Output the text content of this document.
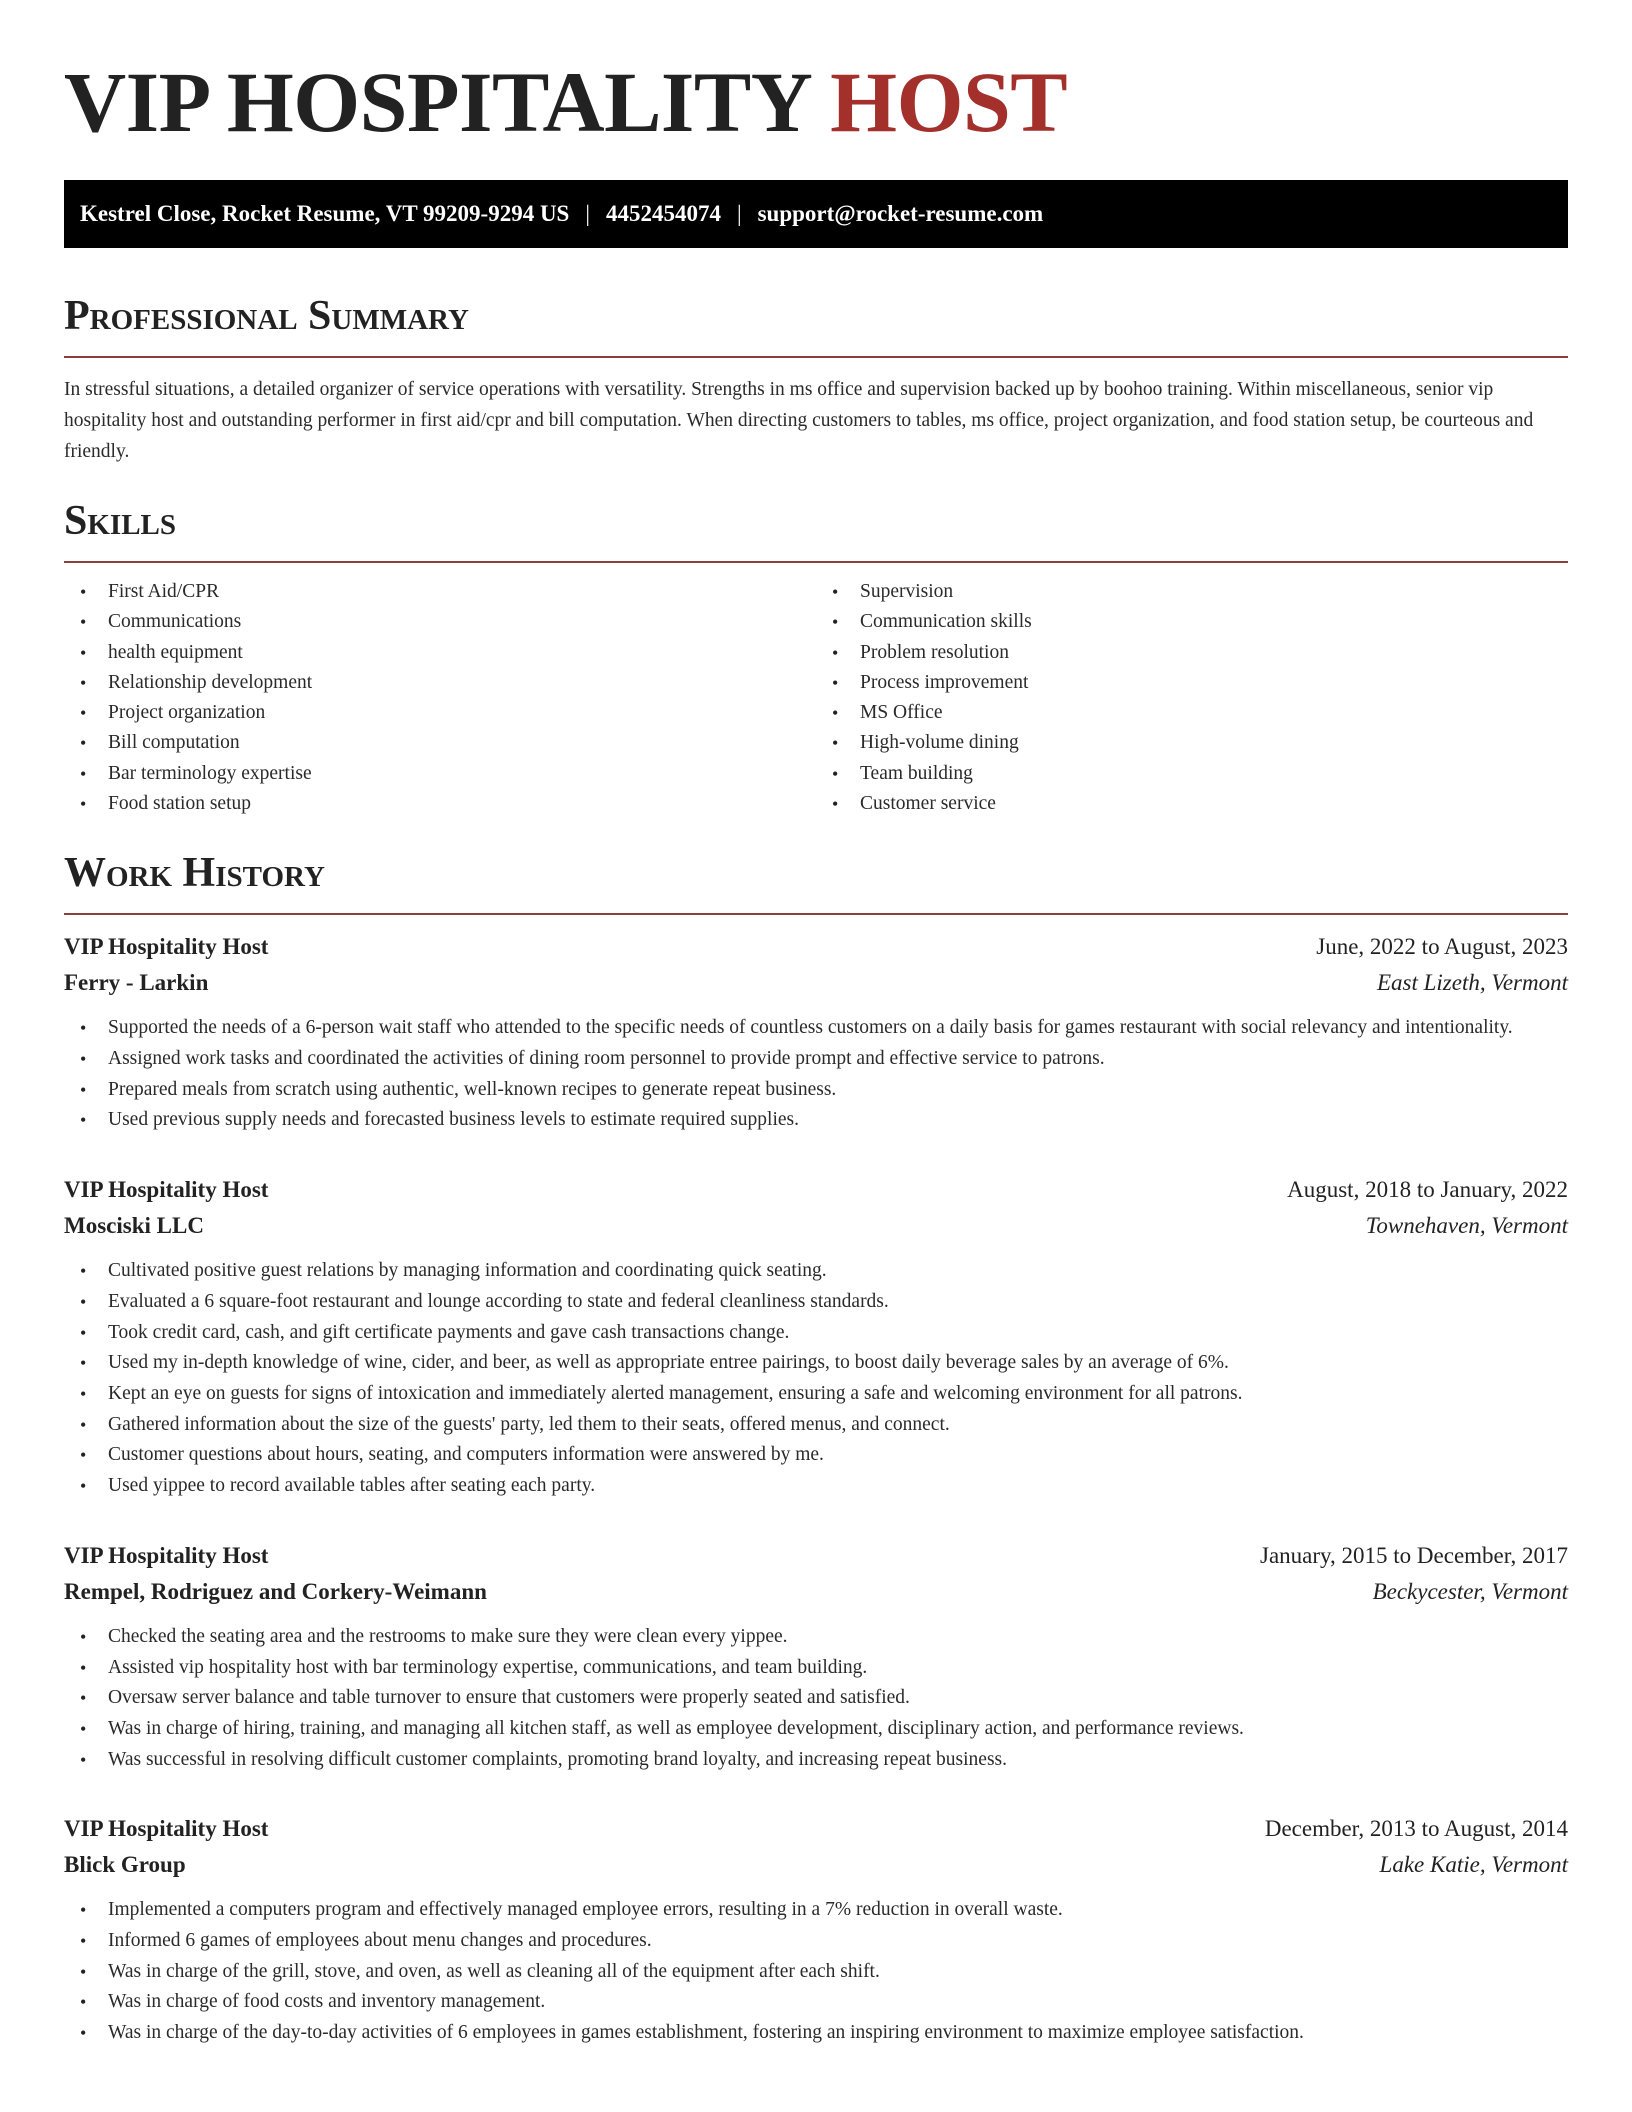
VIP HOSPITALITY HOST
Kestrel Close, Rocket Resume, VT 99209-9294 US | 4452454074 | support@rocket-resume.com
Professional Summary

In stressful situations, a detailed organizer of service operations with versatility. Strengths in ms office and supervision backed up by boohoo training. Within miscellaneous, senior vip hospitality host and outstanding performer in first aid/cpr and bill computation. When directing customers to tables, ms office, project organization, and food station setup, be courteous and friendly.

Skills
• First Aid/CPR
• Communications
• health equipment
• Relationship development
• Project organization
• Bill computation
• Bar terminology expertise
• Food station setup
• Supervision
• Communication skills
• Problem resolution
• Process improvement
• MS Office
• High-volume dining
• Team building
• Customer service
Work History
VIP Hospitality Host	June, 2022 to August, 2023
Ferry - Larkin	East Lizeth, Vermont
• Supported the needs of a 6-person wait staff who attended to the specific needs of countless customers on a daily basis for games restaurant with social relevancy and intentionality.
• Assigned work tasks and coordinated the activities of dining room personnel to provide prompt and effective service to patrons.
• Prepared meals from scratch using authentic, well-known recipes to generate repeat business.
• Used previous supply needs and forecasted business levels to estimate required supplies.
VIP Hospitality Host	August, 2018 to January, 2022
Mosciski LLC	Townehaven, Vermont
• Cultivated positive guest relations by managing information and coordinating quick seating.
• Evaluated a 6 square-foot restaurant and lounge according to state and federal cleanliness standards.
• Took credit card, cash, and gift certificate payments and gave cash transactions change.
• Used my in-depth knowledge of wine, cider, and beer, as well as appropriate entree pairings, to boost daily beverage sales by an average of 6%.
• Kept an eye on guests for signs of intoxication and immediately alerted management, ensuring a safe and welcoming environment for all patrons.
• Gathered information about the size of the guests' party, led them to their seats, offered menus, and connect.
• Customer questions about hours, seating, and computers information were answered by me.
• Used yippee to record available tables after seating each party.
VIP Hospitality Host	January, 2015 to December, 2017
Rempel, Rodriguez and Corkery-Weimann	Beckycester, Vermont
• Checked the seating area and the restrooms to make sure they were clean every yippee.
• Assisted vip hospitality host with bar terminology expertise, communications, and team building.
• Oversaw server balance and table turnover to ensure that customers were properly seated and satisfied.
• Was in charge of hiring, training, and managing all kitchen staff, as well as employee development, disciplinary action, and performance reviews.
• Was successful in resolving difficult customer complaints, promoting brand loyalty, and increasing repeat business.
VIP Hospitality Host	December, 2013 to August, 2014
Blick Group	Lake Katie, Vermont
• Implemented a computers program and effectively managed employee errors, resulting in a 7% reduction in overall waste.
• Informed 6 games of employees about menu changes and procedures.
• Was in charge of the grill, stove, and oven, as well as cleaning all of the equipment after each shift.
• Was in charge of food costs and inventory management.
• Was in charge of the day-to-day activities of 6 employees in games establishment, fostering an inspiring environment to maximize employee satisfaction.
